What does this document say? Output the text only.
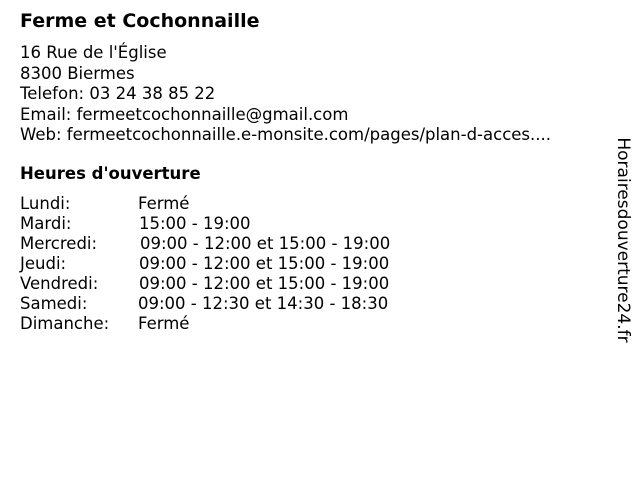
Ferme et Cochonnaille
16 Rue de l'Église
8300 Biermes
Telefon: 03 24 38 85 22
Email: fermeetcochonnaille@gmail.com
Web: fermeetcochonnaille.e-monsite.com/pages/plan-d-acces....
Heures d'ouverture
Lundi:	Fermé
Mardi:	15:00 - 19:00
Mercredi:	09:00 - 12:00 et 15:00 - 19:00
Jeudi:	09:00 - 12:00 et 15:00 - 19:00
Vendredi: 09:00 - 12:00 et 15:00 - 19:00
Samedi:	09:00 - 12:30 et 14:30 - 18:30
Dimanche: Fermé	Horairesdouverture24.fr
